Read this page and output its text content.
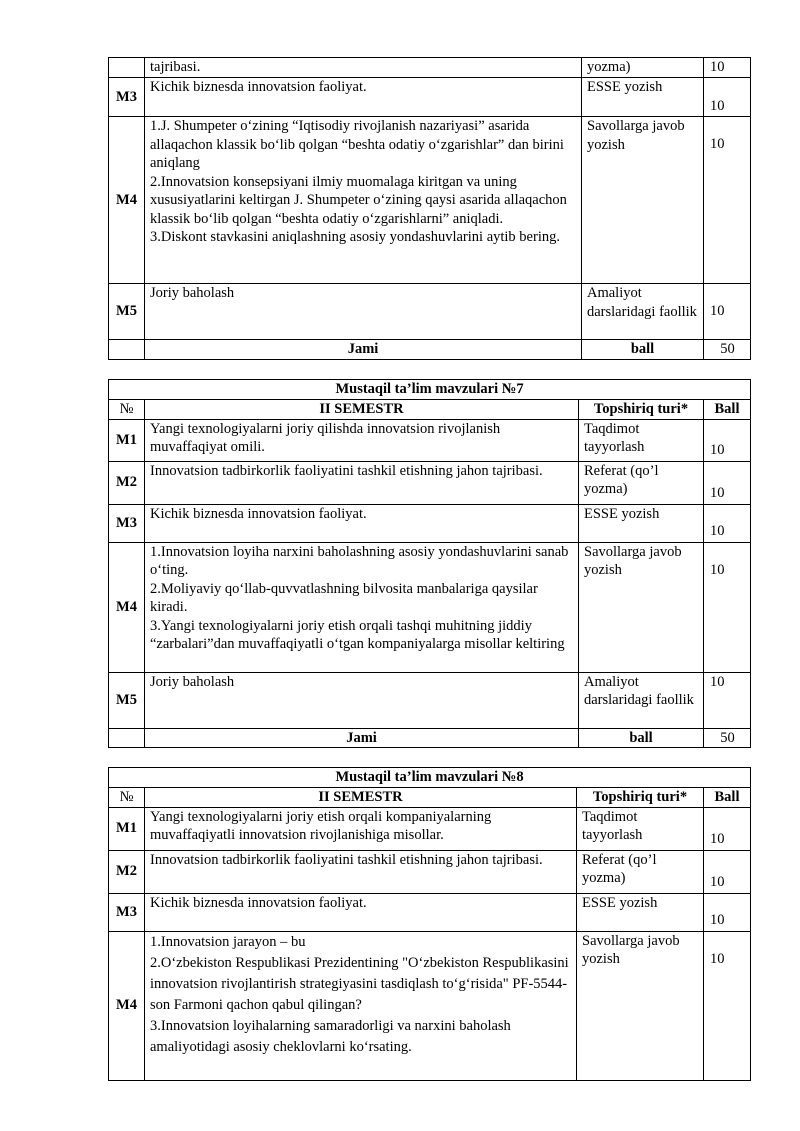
	tajribasi.	yozma)	10
M3	Kichik biznesda innovatsion faoliyat.	ESSE yozish	10
M4	1.J. Shumpeter o‘zining “Iqtisodiy rivojlanish nazariyasi” asarida allaqachon klassik bo‘lib qolgan “beshta odatiy o‘zgarishlar” dan birini aniqlang
2.Innovatsion konsepsiyani ilmiy muomalaga kiritgan va uning xususiyatlarini keltirgan J. Shumpeter o‘zining qaysi asarida allaqachon klassik bo‘lib qolgan “beshta odatiy o‘zgarishlarni” aniqladi.
3.Diskont stavkasini aniqlashning asosiy yondashuvlarini aytib bering.	Savollarga javob yozish	10
M5	Joriy baholash	Amaliyot darslaridagi faollik	10
	Jami	ball	50
Mustaqil ta’lim mavzulari №7			
№	II SEMESTR	Topshiriq turi*	Ball
M1	Yangi texnologiyalarni joriy qilishda innovatsion rivojlanish muvaffaqiyat omili.	Taqdimot tayyorlash	10
M2	Innovatsion tadbirkorlik faoliyatini tashkil etishning jahon tajribasi.	Referat (qo’l yozma)	10
M3	Kichik biznesda innovatsion faoliyat.	ESSE yozish	10
M4	1.Innovatsion loyiha narxini baholashning asosiy yondashuvlarini sanab o‘ting.
2.Moliyaviy qo‘llab-quvvatlashning bilvosita manbalariga qaysilar kiradi.
3.Yangi texnologiyalarni joriy etish orqali tashqi muhitning jiddiy “zarbalari”dan muvaffaqiyatli o‘tgan kompaniyalarga misollar keltiring	Savollarga javob yozish	10
M5	Joriy baholash	Amaliyot darslaridagi faollik	10
	Jami	ball	50
Mustaqil ta’lim mavzulari №8			
№	II SEMESTR	Topshiriq turi*	Ball
M1	Yangi texnologiyalarni joriy etish orqali kompaniyalarning muvaffaqiyatli innovatsion rivojlanishiga misollar.	Taqdimot tayyorlash	10
M2	Innovatsion tadbirkorlik faoliyatini tashkil etishning jahon tajribasi.	Referat (qo’l yozma)	10
M3	Kichik biznesda innovatsion faoliyat.	ESSE yozish	10
M4	1.Innovatsion jarayon – bu
2.O‘zbekiston Respublikasi Prezidentining "O‘zbekiston Respublikasini innovatsion rivojlantirish strategiyasini tasdiqlash to‘g‘risida" PF-5544-son Farmoni qachon qabul qilingan?
3.Innovatsion loyihalarning samaradorligi va narxini baholash amaliyotidagi asosiy cheklovlarni ko‘rsating.	Savollarga javob yozish	10
